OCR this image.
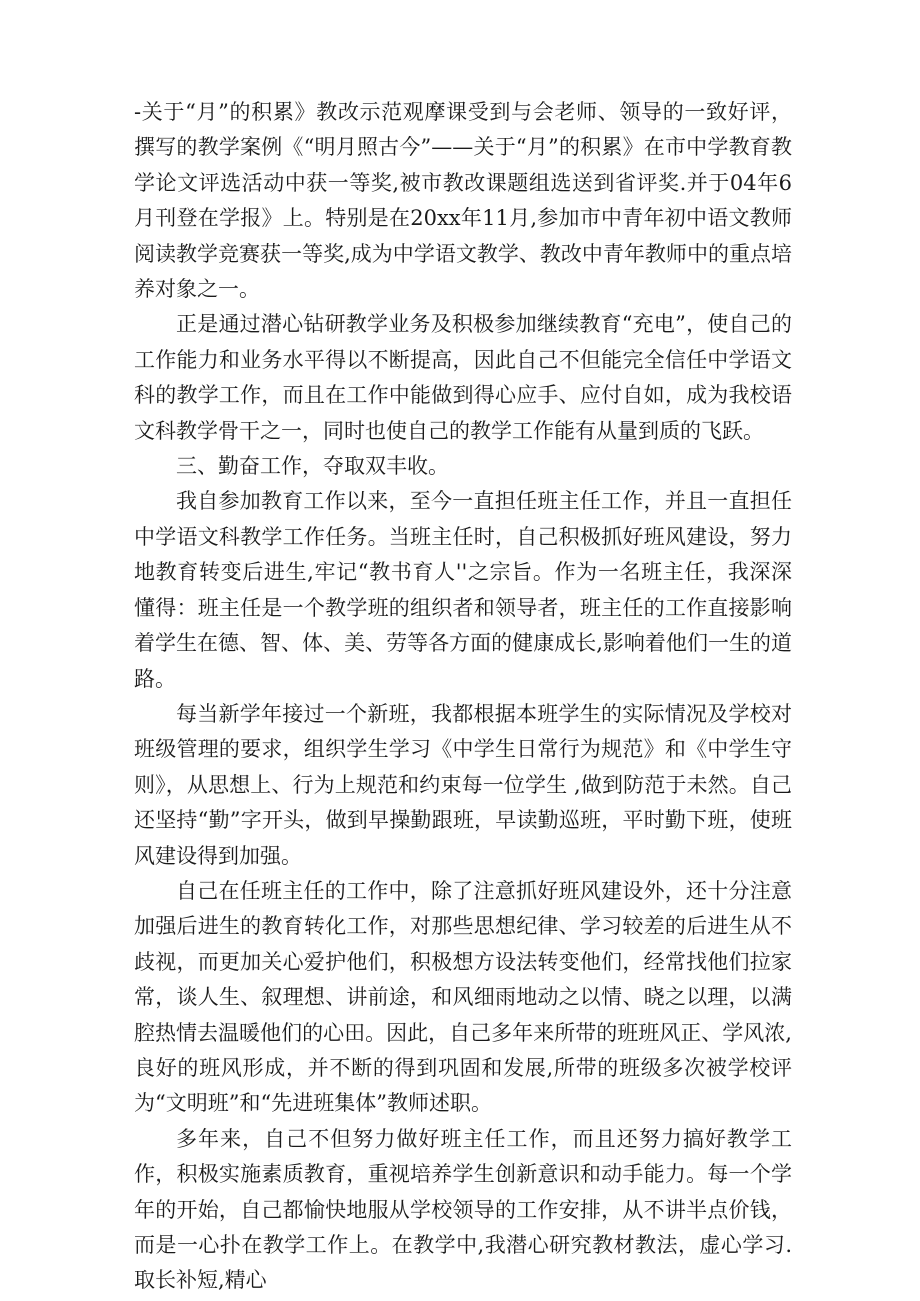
-关于“月”的积累》教改示范观摩课受到与会老师、领导的一致好评，撰写的教学案例《“明月照古今”——关于“月”的积累》在市中学教育教学论文评选活动中获一等奖,被市教改课题组选送到省评奖.并于04年6月刊登在学报》上。特别是在20xx年11月,参加市中青年初中语文教师阅读教学竞赛获一等奖,成为中学语文教学、教改中青年教师中的重点培养对象之一。

正是通过潜心钻研教学业务及积极参加继续教育“充电”，使自己的工作能力和业务水平得以不断提高，因此自己不但能完全信任中学语文科的教学工作，而且在工作中能做到得心应手、应付自如，成为我校语文科教学骨干之一，同时也使自己的教学工作能有从量到质的飞跃。

三、勤奋工作，夺取双丰收。

我自参加教育工作以来，至今一直担任班主任工作，并且一直担任中学语文科教学工作任务。当班主任时，自己积极抓好班风建设，努力地教育转变后进生,牢记“教书育人''之宗旨。作为一名班主任，我深深懂得：班主任是一个教学班的组织者和领导者，班主任的工作直接影响着学生在德、智、体、美、劳等各方面的健康成长,影响着他们一生的道路。

每当新学年接过一个新班，我都根据本班学生的实际情况及学校对班级管理的要求，组织学生学习《中学生日常行为规范》和《中学生守则》，从思想上、行为上规范和约束每一位学生 ,做到防范于未然。自己还坚持“勤”字开头，做到早操勤跟班，早读勤巡班，平时勤下班，使班风建设得到加强。

自己在任班主任的工作中，除了注意抓好班风建设外，还十分注意加强后进生的教育转化工作，对那些思想纪律、学习较差的后进生从不歧视，而更加关心爱护他们，积极想方设法转变他们，经常找他们拉家常，谈人生、叙理想、讲前途，和风细雨地动之以情、晓之以理，以满腔热情去温暖他们的心田。因此，自己多年来所带的班班风正、学风浓,良好的班风形成，并不断的得到巩固和发展,所带的班级多次被学校评为“文明班”和“先进班集体”教师述职。

多年来，自己不但努力做好班主任工作，而且还努力搞好教学工作，积极实施素质教育，重视培养学生创新意识和动手能力。每一个学年的开始，自己都愉快地服从学校领导的工作安排，从不讲半点价钱，而是一心扑在教学工作上。在教学中,我潜心研究教材教法，虚心学习.取长补短,精心
